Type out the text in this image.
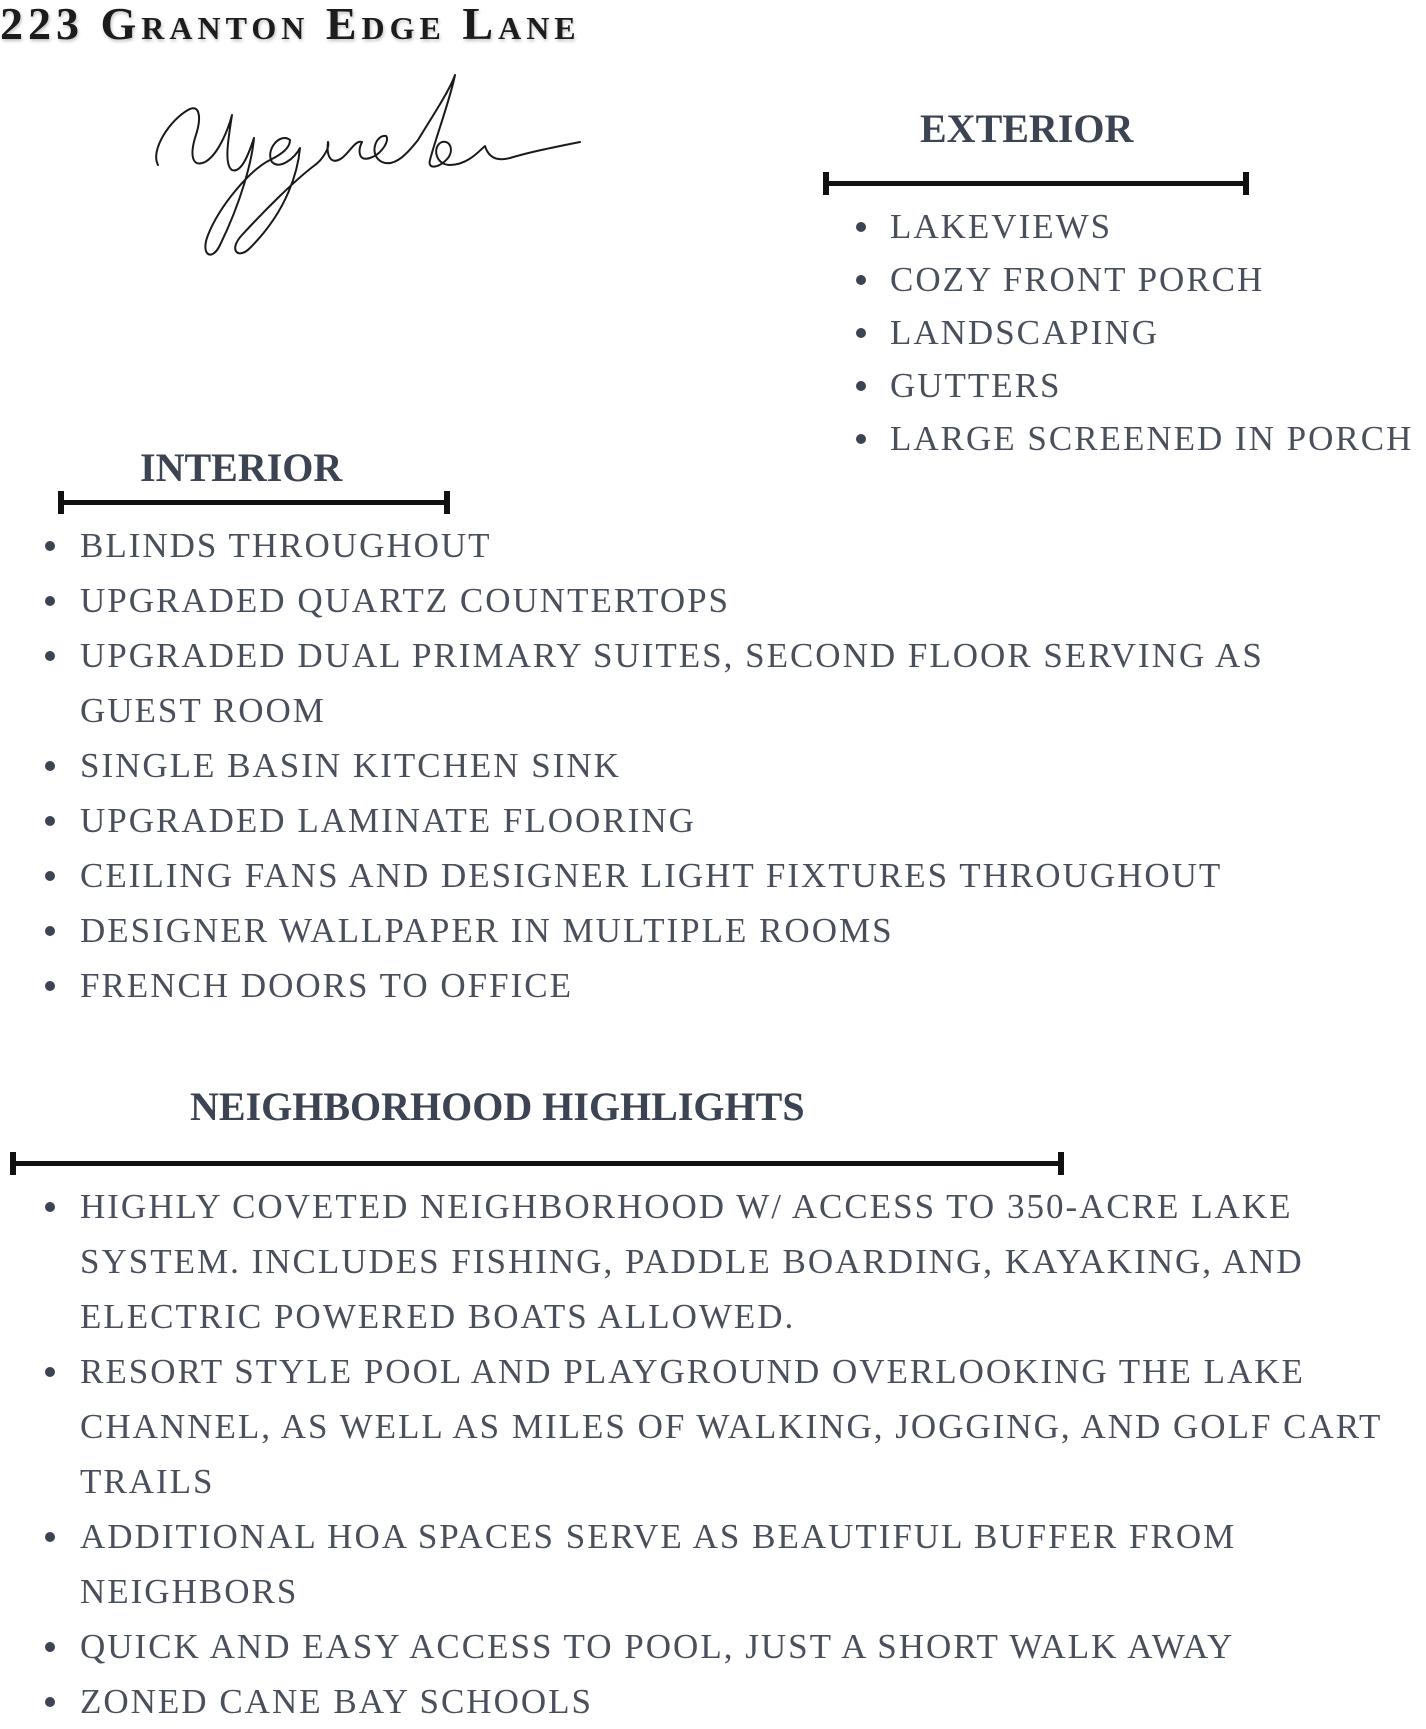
223 Granton Edge Lane
EXTERIOR
LAKEVIEWS
COZY FRONT PORCH
LANDSCAPING
GUTTERS
LARGE SCREENED IN PORCH
INTERIOR
BLINDS THROUGHOUT
UPGRADED QUARTZ COUNTERTOPS
UPGRADED DUAL PRIMARY SUITES, SECOND FLOOR SERVING AS GUEST ROOM
SINGLE BASIN KITCHEN SINK
UPGRADED LAMINATE FLOORING
CEILING FANS AND DESIGNER LIGHT FIXTURES THROUGHOUT
DESIGNER WALLPAPER IN MULTIPLE ROOMS
FRENCH DOORS TO OFFICE
NEIGHBORHOOD HIGHLIGHTS
HIGHLY COVETED NEIGHBORHOOD W/ ACCESS TO 350-ACRE LAKE SYSTEM. INCLUDES FISHING, PADDLE BOARDING, KAYAKING, AND ELECTRIC POWERED BOATS ALLOWED.
RESORT STYLE POOL AND PLAYGROUND OVERLOOKING THE LAKE CHANNEL, AS WELL AS MILES OF WALKING, JOGGING, AND GOLF CART TRAILS
ADDITIONAL HOA SPACES SERVE AS BEAUTIFUL BUFFER FROM NEIGHBORS
QUICK AND EASY ACCESS TO POOL, JUST A SHORT WALK AWAY
ZONED CANE BAY SCHOOLS
